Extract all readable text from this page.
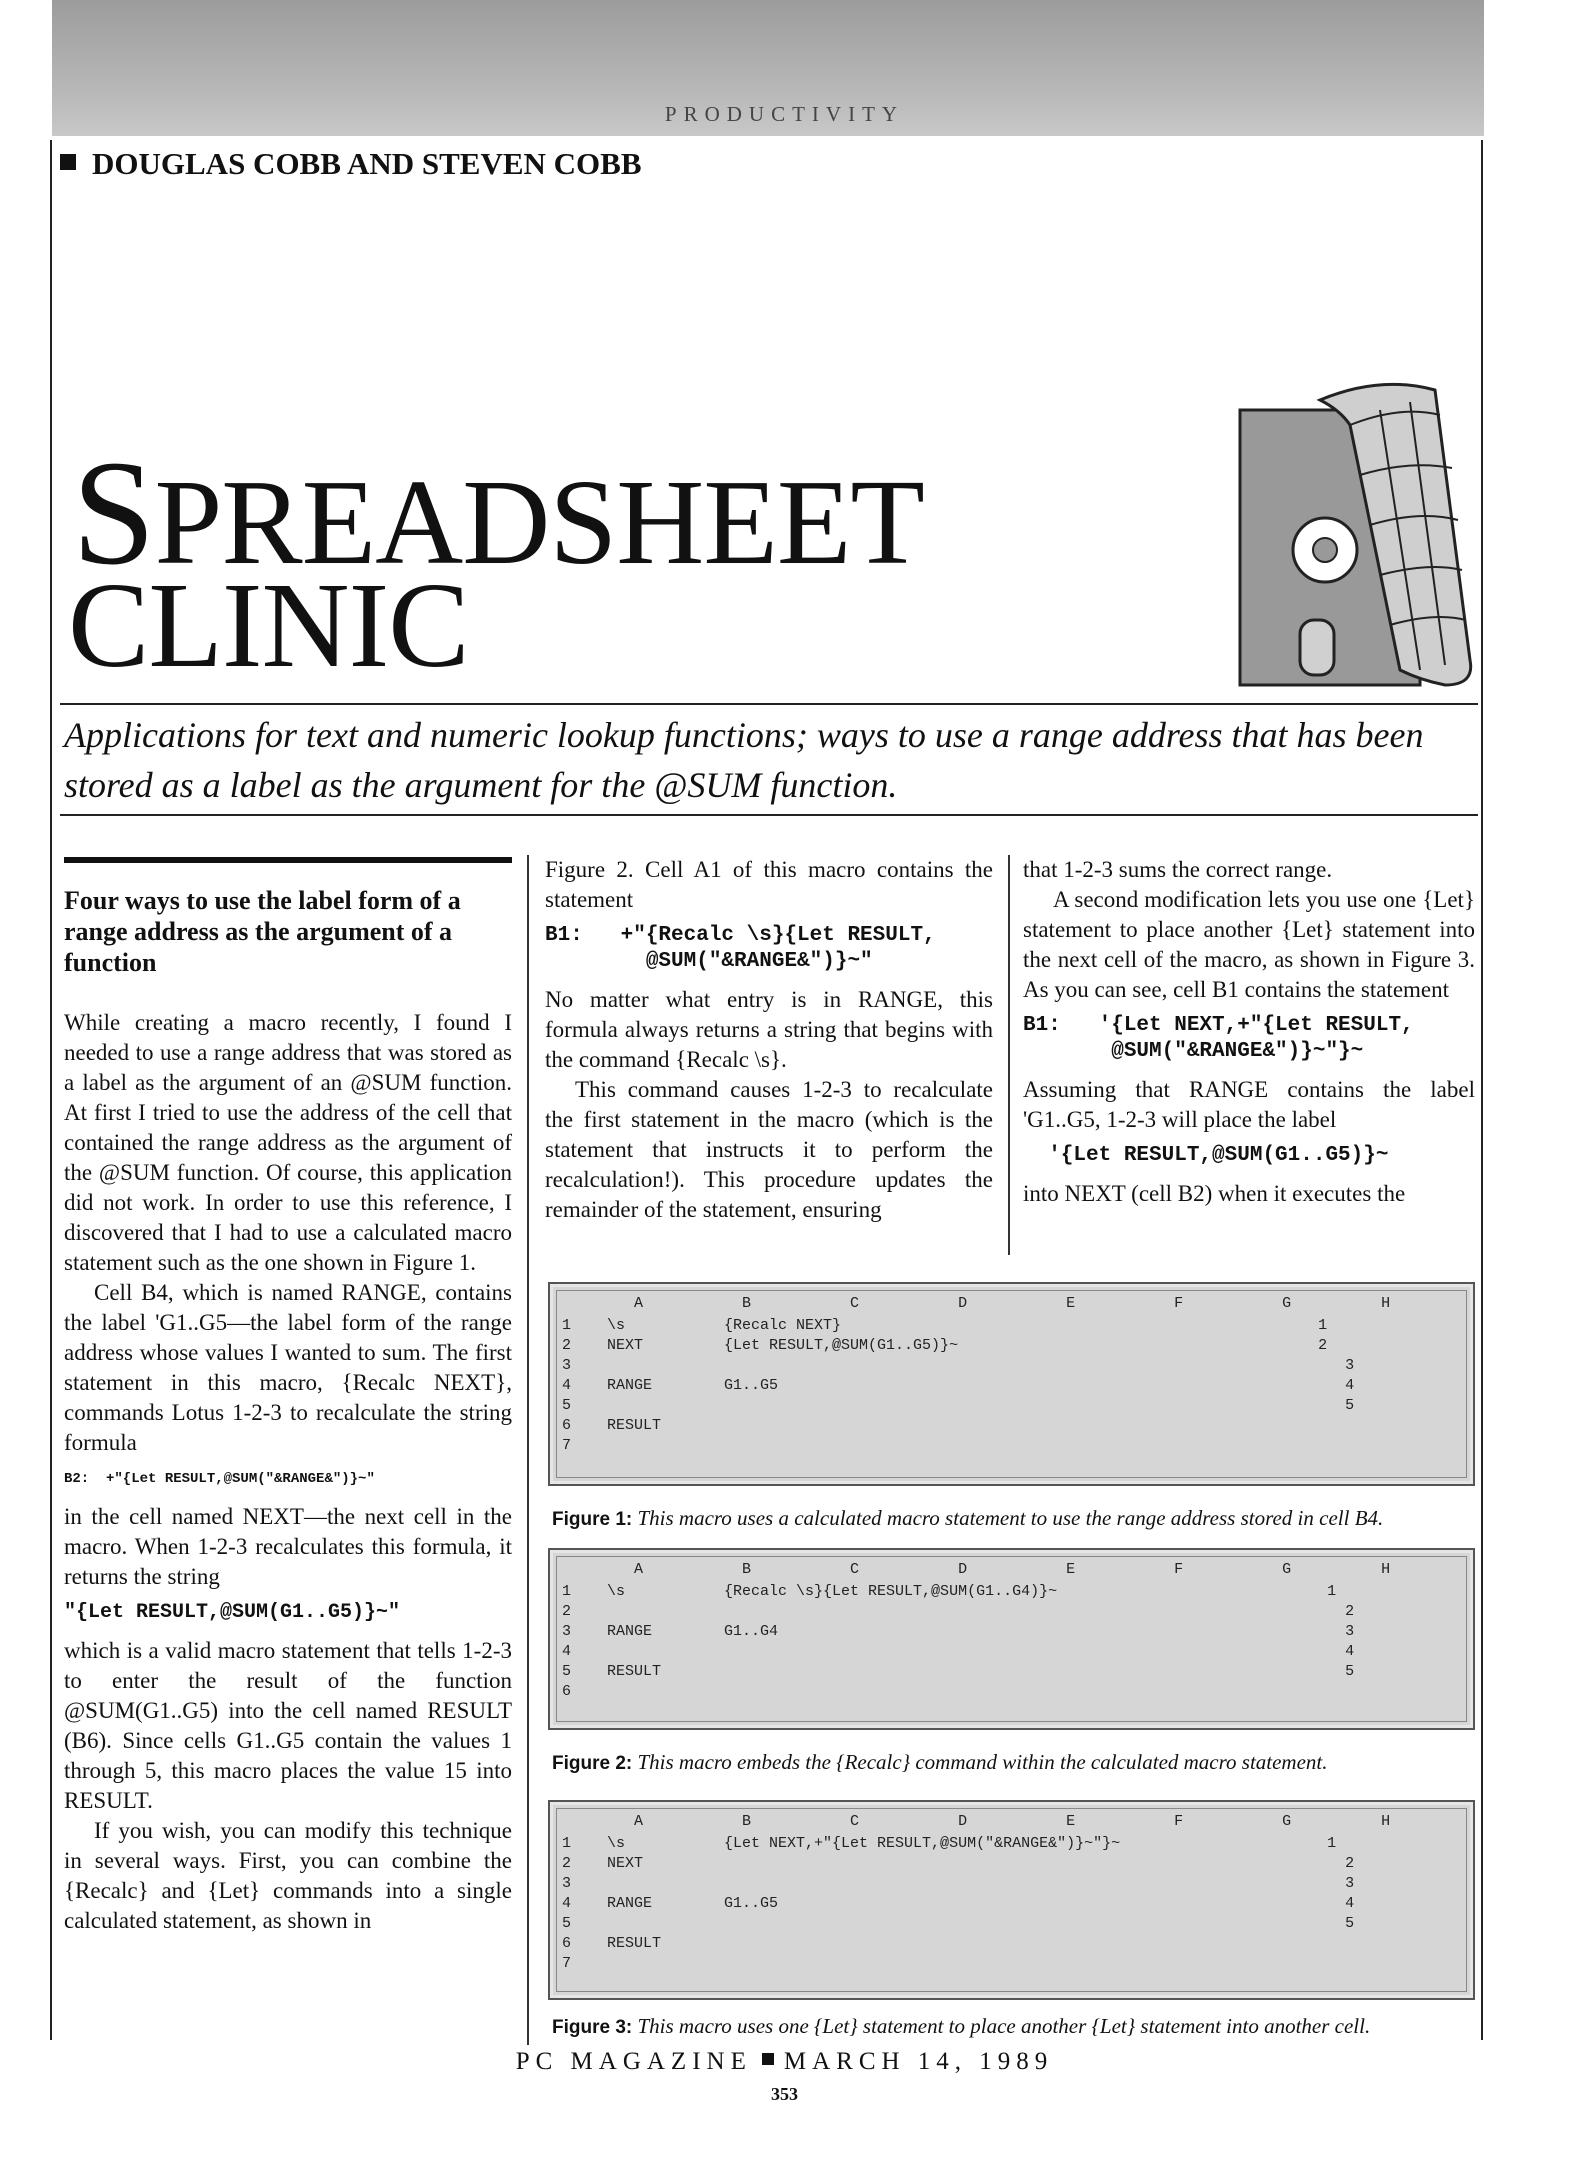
PRODUCTIVITY
DOUGLAS COBB AND STEVEN COBB
SPREADSHEET
CLINIC
Applications for text and numeric lookup functions; ways to use a range address that has been stored as a label as the argument for the @SUM function.

Four ways to use the label form of a range address as the argument of a function

While creating a macro recently, I found I needed to use a range address that was stored as a label as the argument of an @SUM function. At first I tried to use the address of the cell that contained the range address as the argument of the @SUM function. Of course, this application did not work. In order to use this reference, I discovered that I had to use a calculated macro statement such as the one shown in Figure 1.

Cell B4, which is named RANGE, contains the label 'G1..G5—the label form of the range address whose values I wanted to sum. The first statement in this macro, {Recalc NEXT}, commands Lotus 1-2-3 to recalculate the string formula

B2:  +"{Let RESULT,@SUM("&RANGE&")}~"

in the cell named NEXT—the next cell in the macro. When 1-2-3 recalculates this formula, it returns the string

"{Let RESULT,@SUM(G1..G5)}~"

which is a valid macro statement that tells 1-2-3 to enter the result of the function @SUM(G1..G5) into the cell named RESULT (B6). Since cells G1..G5 contain the values 1 through 5, this macro places the value 15 into RESULT.

If you wish, you can modify this technique in several ways. First, you can combine the {Recalc} and {Let} commands into a single calculated statement, as shown in

Figure 2. Cell A1 of this macro contains the statement

B1:   +"{Recalc \s}{Let RESULT,
@SUM("&RANGE&")}~"

No matter what entry is in RANGE, this formula always returns a string that begins with the command {Recalc \s}.

This command causes 1-2-3 to recalculate the first statement in the macro (which is the statement that instructs it to perform the recalculation!). This procedure updates the remainder of the statement, ensuring

that 1-2-3 sums the correct range.

A second modification lets you use one {Let} statement to place another {Let} statement into the next cell of the macro, as shown in Figure 3. As you can see, cell B1 contains the statement

B1:   '{Let NEXT,+"{Let RESULT,
@SUM("&RANGE&")}~"}~

Assuming that RANGE contains the label 'G1..G5, 1-2-3 will place the label

'{Let RESULT,@SUM(G1..G5)}~

into NEXT (cell B2) when it executes the

A           B           C           D           E           F           G          H
1    \s           {Recalc NEXT}                                                     1
2    NEXT         {Let RESULT,@SUM(G1..G5)}~                                        2
3                                                                                      3
4    RANGE        G1..G5                                                               4
5                                                                                      5
6    RESULT
7
Figure 1: This macro uses a calculated macro statement to use the range address stored in cell B4.
A           B           C           D           E           F           G          H
1    \s           {Recalc \s}{Let RESULT,@SUM(G1..G4)}~                              1
2                                                                                      2
3    RANGE        G1..G4                                                               3
4                                                                                      4
5    RESULT                                                                            5
6
Figure 2: This macro embeds the {Recalc} command within the calculated macro statement.
A           B           C           D           E           F           G          H
1    \s           {Let NEXT,+"{Let RESULT,@SUM("&RANGE&")}~"}~                       1
2    NEXT                                                                              2
3                                                                                      3
4    RANGE        G1..G5                                                               4
5                                                                                      5
6    RESULT
7
Figure 3: This macro uses one {Let} statement to place another {Let} statement into another cell.
PC MAGAZINE MARCH 14, 1989
353
